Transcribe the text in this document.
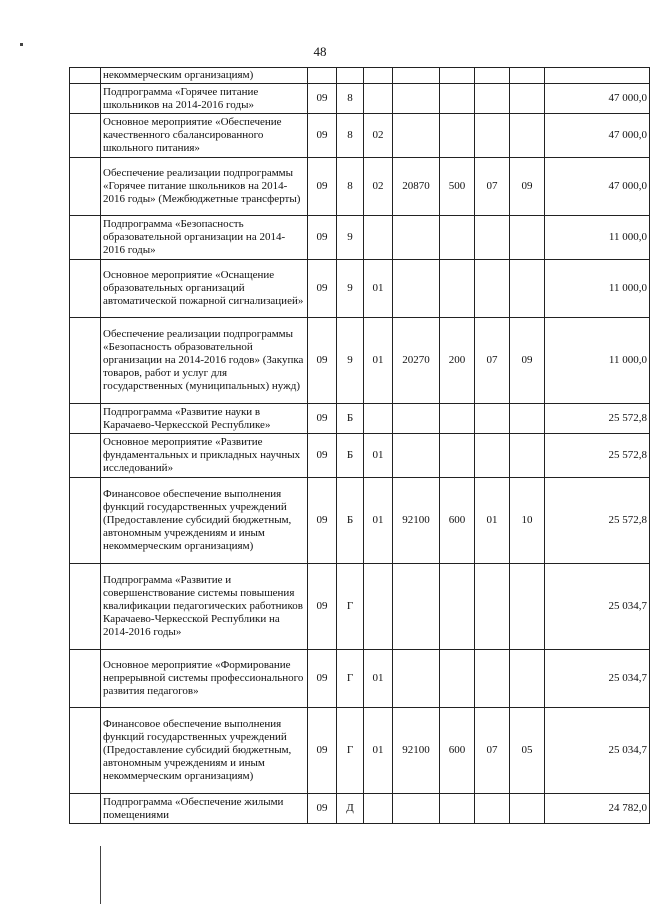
48
	некоммерческим организациям)								
	Подпрограмма «Горячее питание школьников на 2014-2016 годы»	09	8						47 000,0
	Основное мероприятие «Обеспечение качественного сбалансированного школьного питания»	09	8	02					47 000,0
	Обеспечение реализации подпрограммы «Горячее питание школьников на 2014-2016 годы» (Межбюджетные трансферты)	09	8	02	20870	500	07	09	47 000,0
	Подпрограмма «Безопасность образовательной организации на 2014-2016 годы»	09	9						11 000,0
	Основное мероприятие «Оснащение образовательных организаций автоматической пожарной сигнализацией»	09	9	01					11 000,0
	Обеспечение реализации подпрограммы «Безопасность образовательной организации на 2014-2016 годов» (Закупка товаров, работ и услуг для государственных (муниципальных) нужд)	09	9	01	20270	200	07	09	11 000,0
	Подпрограмма «Развитие науки в Карачаево-Черкесской Республике»	09	Б						25 572,8
	Основное мероприятие «Развитие фундаментальных и прикладных научных исследований»	09	Б	01					25 572,8
	Финансовое обеспечение выполнения функций государственных учреждений (Предоставление субсидий бюджетным, автономным учреждениям и иным некоммерческим организациям)	09	Б	01	92100	600	01	10	25 572,8
	Подпрограмма «Развитие и совершенствование системы повышения квалификации педагогических работников Карачаево-Черкесской Республики на 2014-2016 годы»	09	Г						25 034,7
	Основное мероприятие «Формирование непрерывной системы профессионального развития педагогов»	09	Г	01					25 034,7
	Финансовое обеспечение выполнения функций государственных учреждений (Предоставление субсидий бюджетным, автономным учреждениям и иным некоммерческим организациям)	09	Г	01	92100	600	07	05	25 034,7
	Подпрограмма «Обеспечение жилыми помещениями	09	Д						24 782,0
